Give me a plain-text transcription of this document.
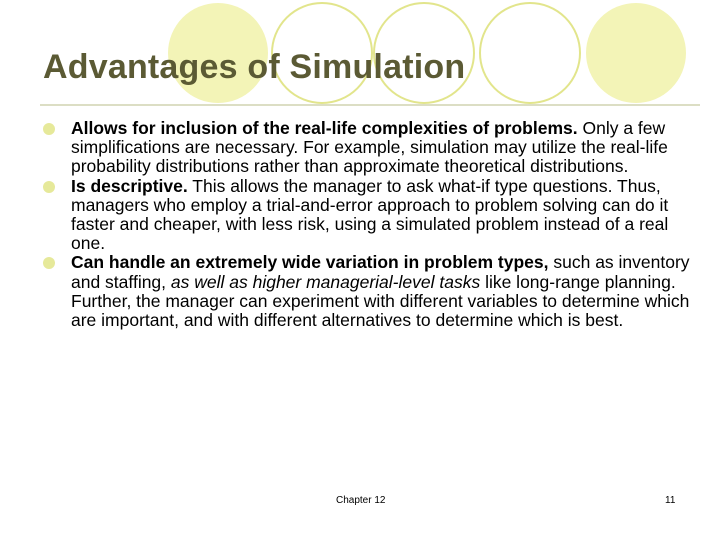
Advantages of Simulation
Allows for inclusion of the real-life complexities of problems. Only a few simplifications are necessary. For example, simulation may utilize the real-life probability distributions rather than approximate theoretical distributions.
Is descriptive. This allows the manager to ask what-if type questions. Thus, managers who employ a trial-and-error approach to problem solving can do it faster and cheaper, with less risk, using a simulated problem instead of a real one.
Can handle an extremely wide variation in problem types, such as inventory and staffing, as well as higher managerial-level tasks like long-range planning. Further, the manager can experiment with different variables to determine which are important, and with different alternatives to determine which is best.
Chapter 12	11
